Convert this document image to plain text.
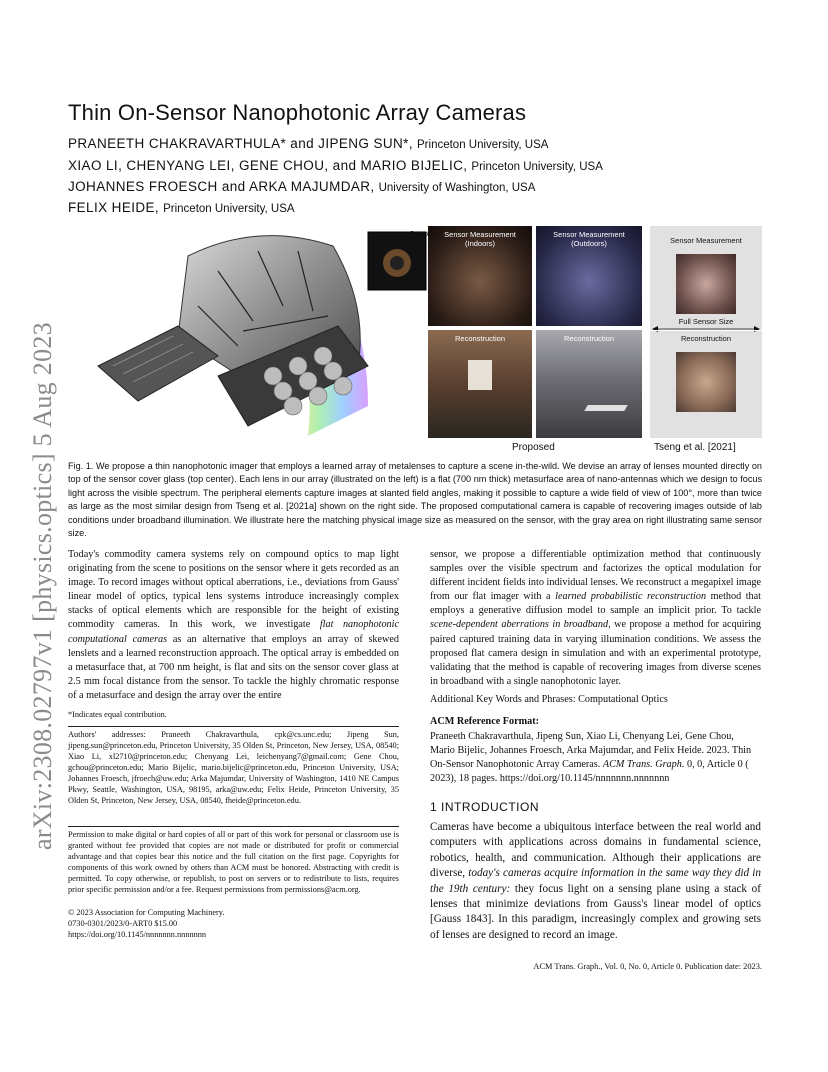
arXiv:2308.02797v1 [physics.optics] 5 Aug 2023
Thin On-Sensor Nanophotonic Array Cameras
PRANEETH CHAKRAVARTHULA* and JIPENG SUN*, Princeton University, USA
XIAO LI, CHENYANG LEI, GENE CHOU, and MARIO BIJELIC, Princeton University, USA
JOHANNES FROESCH and ARKA MAJUMDAR, University of Washington, USA
FELIX HEIDE, Princeton University, USA
Setup	Sensor Measurement
(Indoors)
Sensor Measurement
(Outdoors)
Reconstruction	Reconstruction
Sensor Measurement
Full Sensor Size
Reconstruction
Proposed	Tseng et al. [2021]
Fig. 1. We propose a thin nanophotonic imager that employs a learned array of metalenses to capture a scene in-the-wild. We devise an array of lenses mounted directly on top of the sensor cover glass (top center). Each lens in our array (illustrated on the left) is a flat (700 nm thick) metasurface area of nano-antennas which we design to focus light across the visible spectrum. The peripheral elements capture images at slanted field angles, making it possible to capture a wide field of view of 100°, more than twice as large as the most similar design from Tseng et al. [2021a] shown on the right side. The proposed computational camera is capable of recovering images outside of lab conditions under broadband illumination. We illustrate here the matching physical image size as measured on the sensor, with the gray area on right illustrating same sensor size.

Today's commodity camera systems rely on compound optics to map light originating from the scene to positions on the sensor where it gets recorded as an image. To record images without optical aberrations, i.e., deviations from Gauss' linear model of optics, typical lens systems introduce increasingly complex stacks of optical elements which are responsible for the height of existing commodity cameras. In this work, we investigate flat nanophotonic computational cameras as an alternative that employs an array of skewed lenslets and a learned reconstruction approach. The optical array is embedded on a metasurface that, at 700 nm height, is flat and sits on the sensor cover glass at 2.5 mm focal distance from the sensor. To tackle the highly chromatic response of a metasurface and design the array over the entire

*Indicates equal contribution.
Authors' addresses: Praneeth Chakravarthula, cpk@cs.unc.edu; Jipeng Sun, jipeng.sun@princeton.edu, Princeton University, 35 Olden St, Princeton, New Jersey, USA, 08540; Xiao Li, xl2710@princeton.edu; Chenyang Lei, leichenyang7@gmail.com; Gene Chou, gchou@princeton.edu; Mario Bijelic, mario.bijelic@princeton.edu, Princeton University, USA; Johannes Froesch, jfroech@uw.edu; Arka Majumdar, University of Washington, 1410 NE Campus Pkwy, Seattle, Washington, USA, 98195, arka@uw.edu; Felix Heide, Princeton University, 35 Olden St, Princeton, New Jersey, USA, 08540, fheide@princeton.edu.
Permission to make digital or hard copies of all or part of this work for personal or classroom use is granted without fee provided that copies are not made or distributed for profit or commercial advantage and that copies bear this notice and the full citation on the first page. Copyrights for components of this work owned by others than ACM must be honored. Abstracting with credit is permitted. To copy otherwise, or republish, to post on servers or to redistribute to lists, requires prior specific permission and/or a fee. Request permissions from permissions@acm.org.
© 2023 Association for Computing Machinery.
0730-0301/2023/0-ART0 $15.00
https://doi.org/10.1145/nnnnnnn.nnnnnnn

sensor, we propose a differentiable optimization method that continuously samples over the visible spectrum and factorizes the optical modulation for different incident fields into individual lenses. We reconstruct a megapixel image from our flat imager with a learned probabilistic reconstruction method that employs a generative diffusion model to sample an implicit prior. To tackle scene-dependent aberrations in broadband, we propose a method for acquiring paired captured training data in varying illumination conditions. We assess the proposed flat camera design in simulation and with an experimental prototype, validating that the method is capable of recovering images from diverse scenes in broadband with a single nanophotonic layer.

Additional Key Words and Phrases: Computational Optics
ACM Reference Format:
Praneeth Chakravarthula, Jipeng Sun, Xiao Li, Chenyang Lei, Gene Chou, Mario Bijelic, Johannes Froesch, Arka Majumdar, and Felix Heide. 2023. Thin On-Sensor Nanophotonic Array Cameras. ACM Trans. Graph. 0, 0, Article 0 ( 2023), 18 pages. https://doi.org/10.1145/nnnnnnn.nnnnnnn
1 INTRODUCTION
Cameras have become a ubiquitous interface between the real world and computers with applications across domains in fundamental science, robotics, health, and communication. Although their applications are diverse, today's cameras acquire information in the same way they did in the 19th century: they focus light on a sensing plane using a stack of lenses that minimize deviations from Gauss's linear model of optics [Gauss 1843]. In this paradigm, increasingly complex and growing sets of lenses are designed to record an image.
ACM Trans. Graph., Vol. 0, No. 0, Article 0. Publication date: 2023.
